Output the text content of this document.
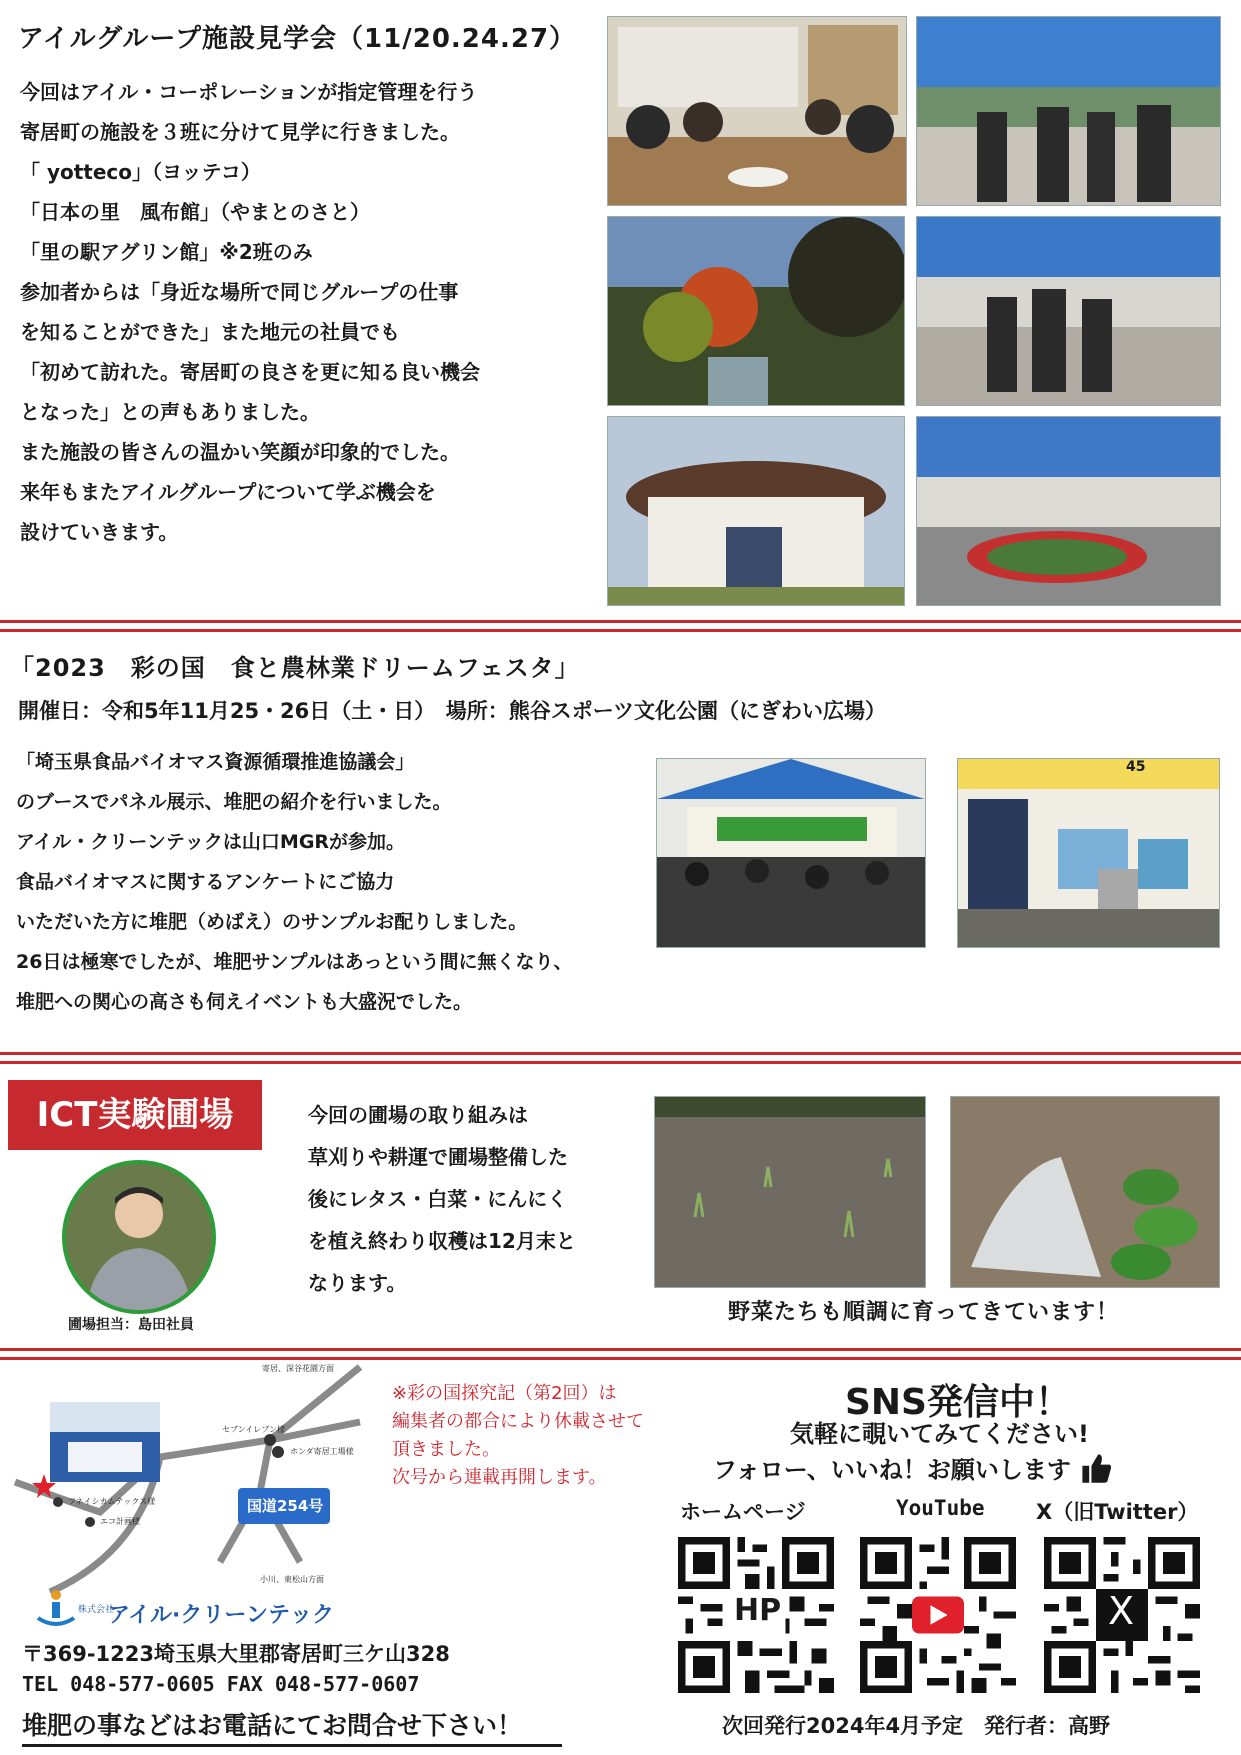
アイルグループ施設見学会（11/20.24.27）
今回はアイル・コーポレーションが指定管理を行う
寄居町の施設を３班に分けて見学に行きました。
「 yotteco」（ヨッテコ）
「日本の里　風布館」（やまとのさと）
「里の駅アグリン館」※2班のみ
参加者からは「身近な場所で同じグループの仕事
を知ることができた」また地元の社員でも
「初めて訪れた。寄居町の良さを更に知る良い機会
となった」との声もありました。
また施設の皆さんの温かい笑顔が印象的でした。
来年もまたアイルグループについて学ぶ機会を
設けていきます。
「2023　彩の国　食と農林業ドリームフェスタ」
開催日：令和5年11月25・26日（土・日）　場所：熊谷スポーツ文化公園（にぎわい広場）
「埼玉県食品バイオマス資源循環推進協議会」
のブースでパネル展示、堆肥の紹介を行いました。
アイル・クリーンテックは山口MGRが参加。
食品バイオマスに関するアンケートにご協力
いただいた方に堆肥（めばえ）のサンプルお配りしました。
26日は極寒でしたが、堆肥サンプルはあっという間に無くなり、
堆肥への関心の高さも伺えイベントも大盛況でした。
45
ICT実験圃場
圃場担当：島田社員
今回の圃場の取り組みは
草刈りや耕運で圃場整備した
後にレタス・白菜・にんにく
を植え終わり収穫は12月末と
なります。
野菜たちも順調に育ってきています！
寄居、深谷花園方面
セブンイレブン様
ホンダ寄居工場様
国道254号
フネイシカムテックス様
エコ計画様
小川、東松山方面
株式会社
アイル·クリーンテック
※彩の国探究記（第2回）は
編集者の都合により休載させて
頂きました。
次号から連載再開します。
〒369-1223埼玉県大里郡寄居町三ケ山328
TEL 048-577-0605 FAX 048-577-0607
堆肥の事などはお電話にてお問合せ下さい！
SNS発信中！
気軽に覗いてみてください!
フォロー、いいね！お願いします
ホームページ	YouTube X（旧Twitter）
HP	X
次回発行2024年4月予定　発行者：高野
